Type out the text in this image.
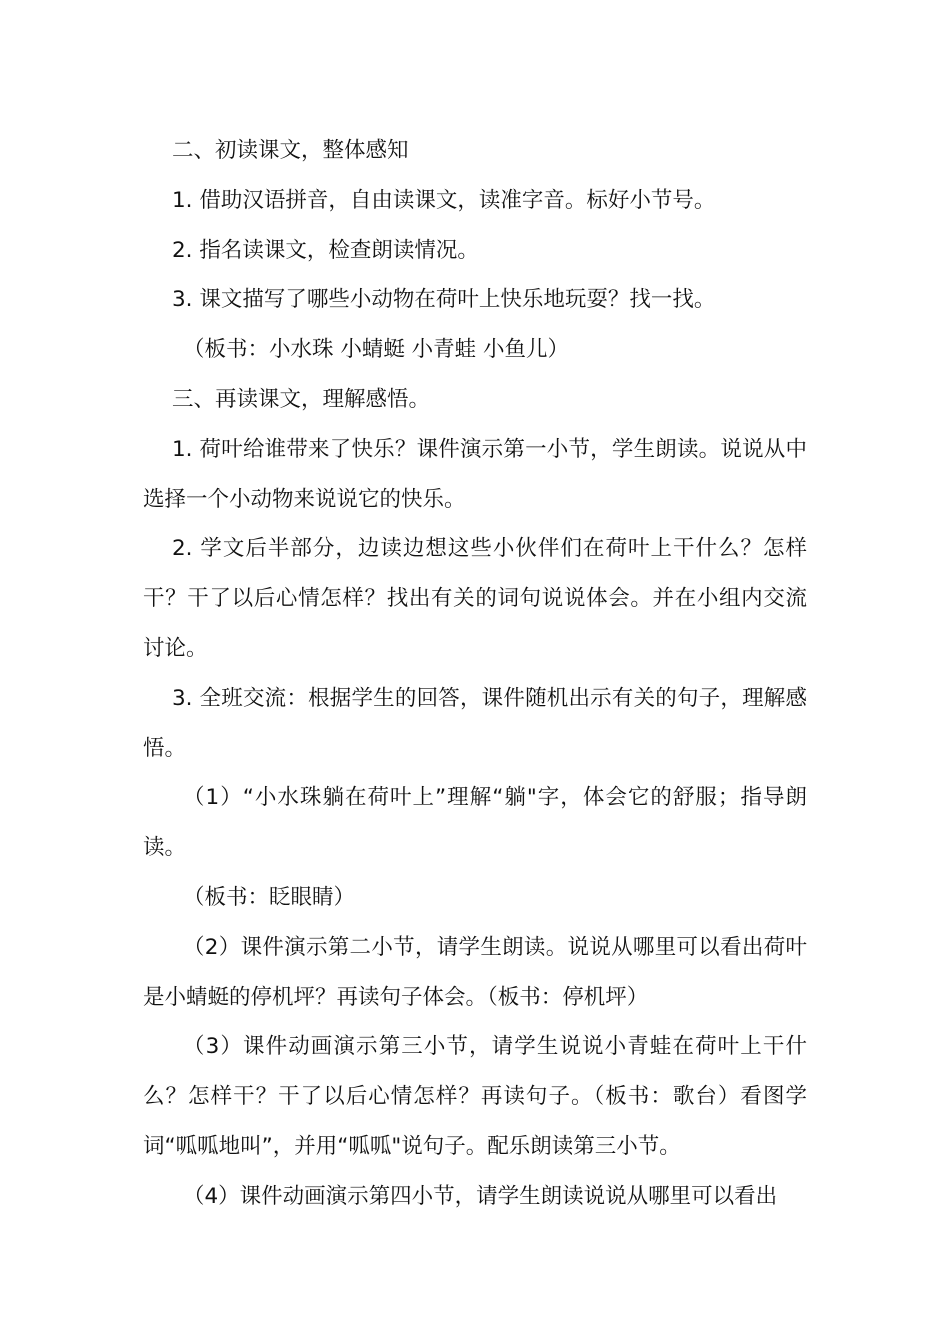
二、初读课文，整体感知

1. 借助汉语拼音，自由读课文，读准字音。标好小节号。

2. 指名读课文，检查朗读情况。

3. 课文描写了哪些小动物在荷叶上快乐地玩耍？找一找。

（板书：小水珠 小蜻蜓 小青蛙 小鱼儿）

三、再读课文，理解感悟。

1. 荷叶给谁带来了快乐？课件演示第一小节，学生朗读。说说从中选择一个小动物来说说它的快乐。

2. 学文后半部分，边读边想这些小伙伴们在荷叶上干什么？怎样干？干了以后心情怎样？找出有关的词句说说体会。并在小组内交流讨论。

3. 全班交流：根据学生的回答，课件随机出示有关的句子，理解感悟。

（1）“小水珠躺在荷叶上”理解“躺"字，体会它的舒服；指导朗读。

（板书：眨眼睛）

（2）课件演示第二小节，请学生朗读。说说从哪里可以看出荷叶是小蜻蜓的停机坪？再读句子体会。（板书：停机坪）

（3）课件动画演示第三小节，请学生说说小青蛙在荷叶上干什么？怎样干？干了以后心情怎样？再读句子。（板书：歌台）看图学词“呱呱地叫”，并用“呱呱"说句子。配乐朗读第三小节。

（4）课件动画演示第四小节，请学生朗读说说从哪里可以看出
